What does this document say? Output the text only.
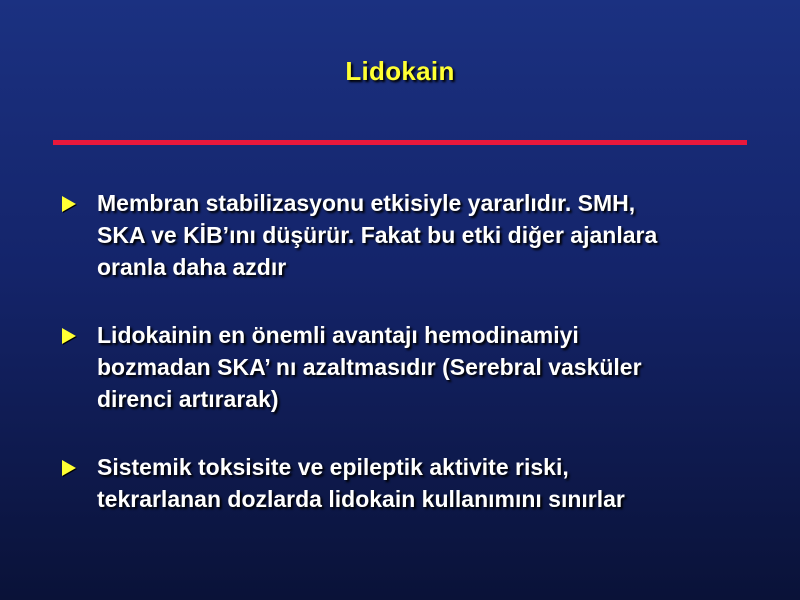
Lidokain
Membran stabilizasyonu etkisiyle yararlıdır. SMH,
SKA ve KİB’ını düşürür. Fakat bu etki diğer ajanlara
oranla daha azdır
Lidokainin en önemli avantajı hemodinamiyi
bozmadan SKA’ nı azaltmasıdır (Serebral vasküler
direnci artırarak)
Sistemik toksisite ve epileptik aktivite riski,
tekrarlanan dozlarda lidokain kullanımını sınırlar
